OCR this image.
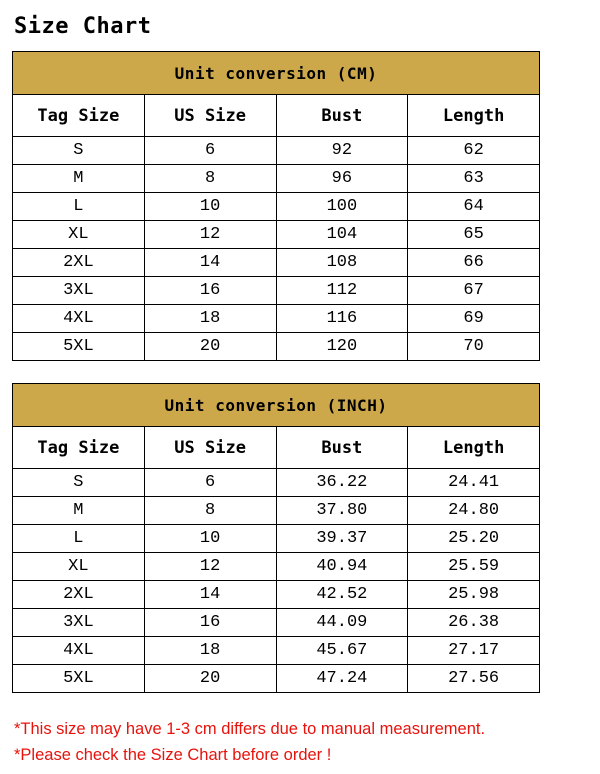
Size Chart
Unit conversion (CM)			
Tag Size	US Size	Bust	Length
S	6	92	62
M	8	96	63
L	10	100	64
XL	12	104	65
2XL	14	108	66
3XL	16	112	67
4XL	18	116	69
5XL	20	120	70
Unit conversion (INCH)			
Tag Size	US Size	Bust	Length
S	6	36.22	24.41
M	8	37.80	24.80
L	10	39.37	25.20
XL	12	40.94	25.59
2XL	14	42.52	25.98
3XL	16	44.09	26.38
4XL	18	45.67	27.17
5XL	20	47.24	27.56
*This size may have 1-3 cm differs due to manual measurement.
*Please check the Size Chart before order !
